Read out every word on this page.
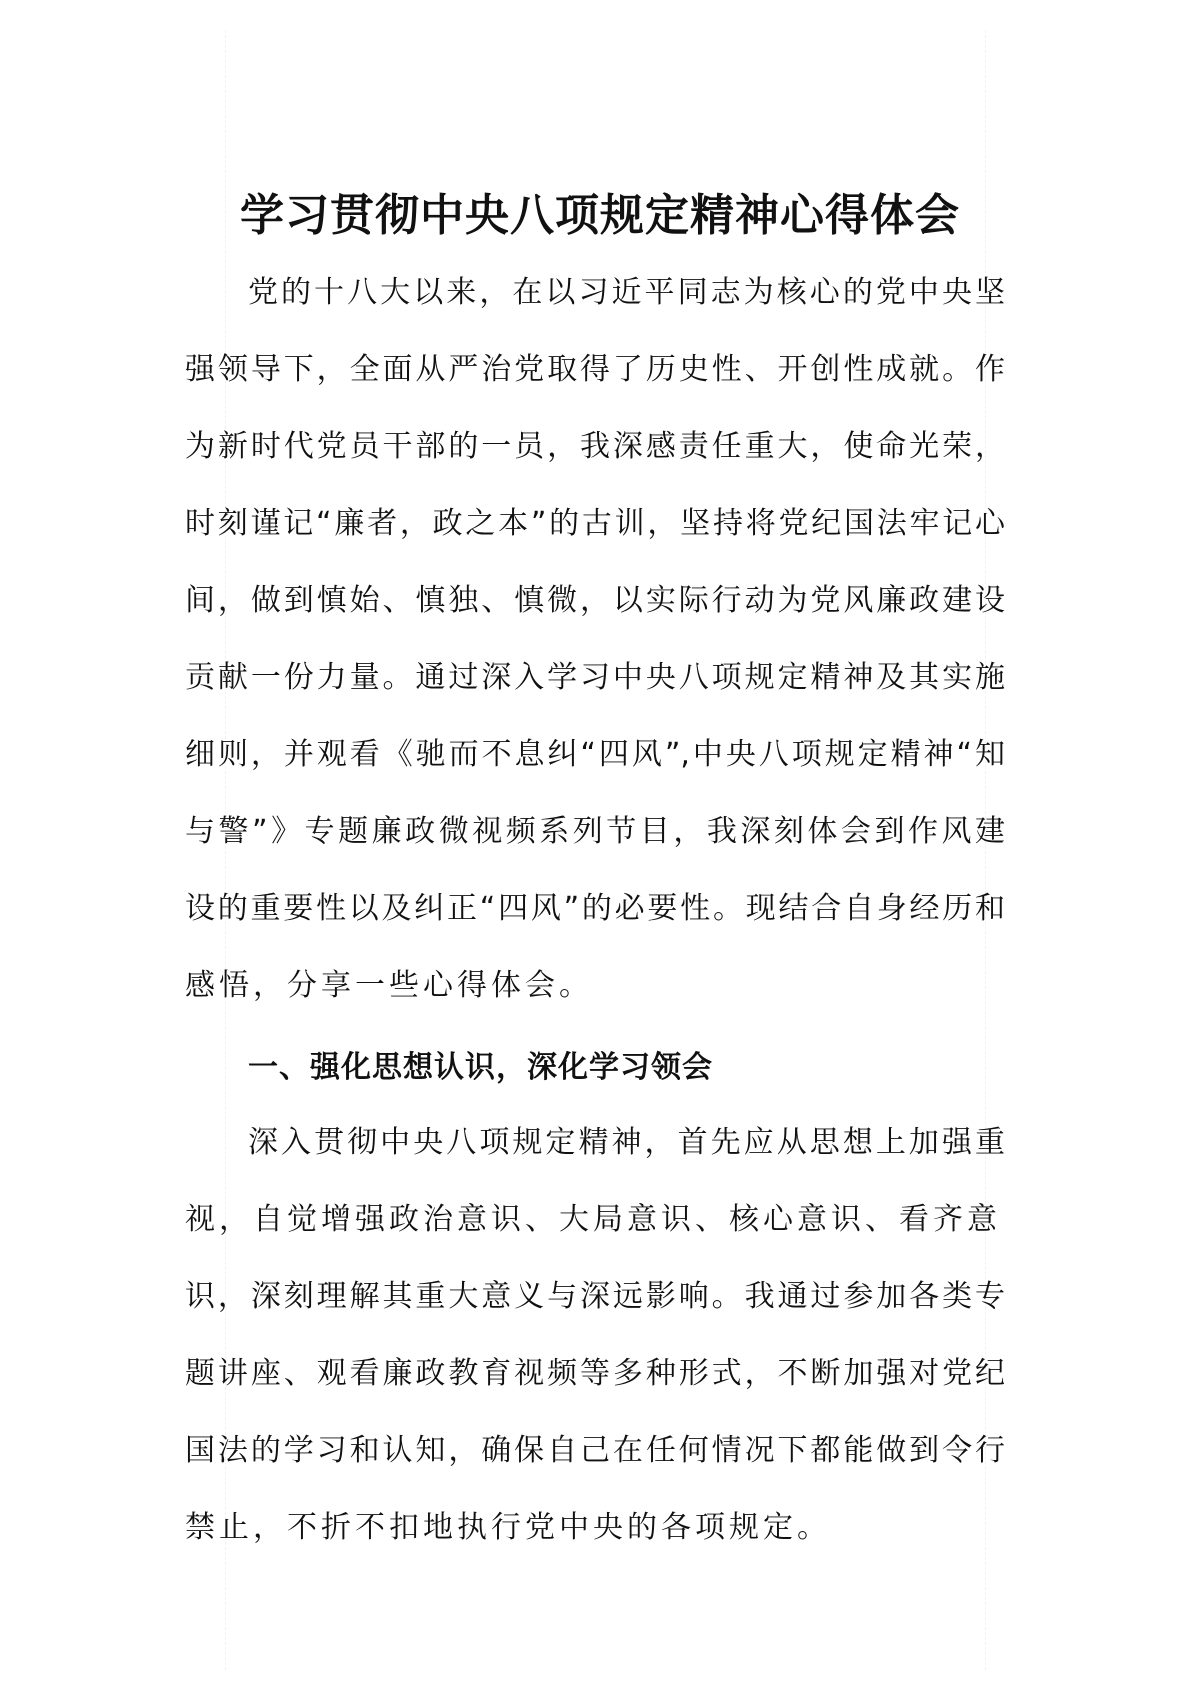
学习贯彻中央八项规定精神心得体会
党的十八大以来，在以习近平同志为核心的党中央坚
强领导下，全面从严治党取得了历史性、开创性成就。作
为新时代党员干部的一员，我深感责任重大，使命光荣，
时刻谨记“廉者，政之本”的古训，坚持将党纪国法牢记心
间，做到慎始、慎独、慎微，以实际行动为党风廉政建设
贡献一份力量。通过深入学习中央八项规定精神及其实施
细则，并观看《驰而不息纠“四风”,中央八项规定精神“知
与警”》专题廉政微视频系列节目，我深刻体会到作风建
设的重要性以及纠正“四风”的必要性。现结合自身经历和
感悟，分享一些心得体会。
一、强化思想认识，深化学习领会
深入贯彻中央八项规定精神，首先应从思想上加强重
视，自觉增强政治意识、大局意识、核心意识、看齐意
识，深刻理解其重大意义与深远影响。我通过参加各类专
题讲座、观看廉政教育视频等多种形式，不断加强对党纪
国法的学习和认知，确保自己在任何情况下都能做到令行
禁止，不折不扣地执行党中央的各项规定。
